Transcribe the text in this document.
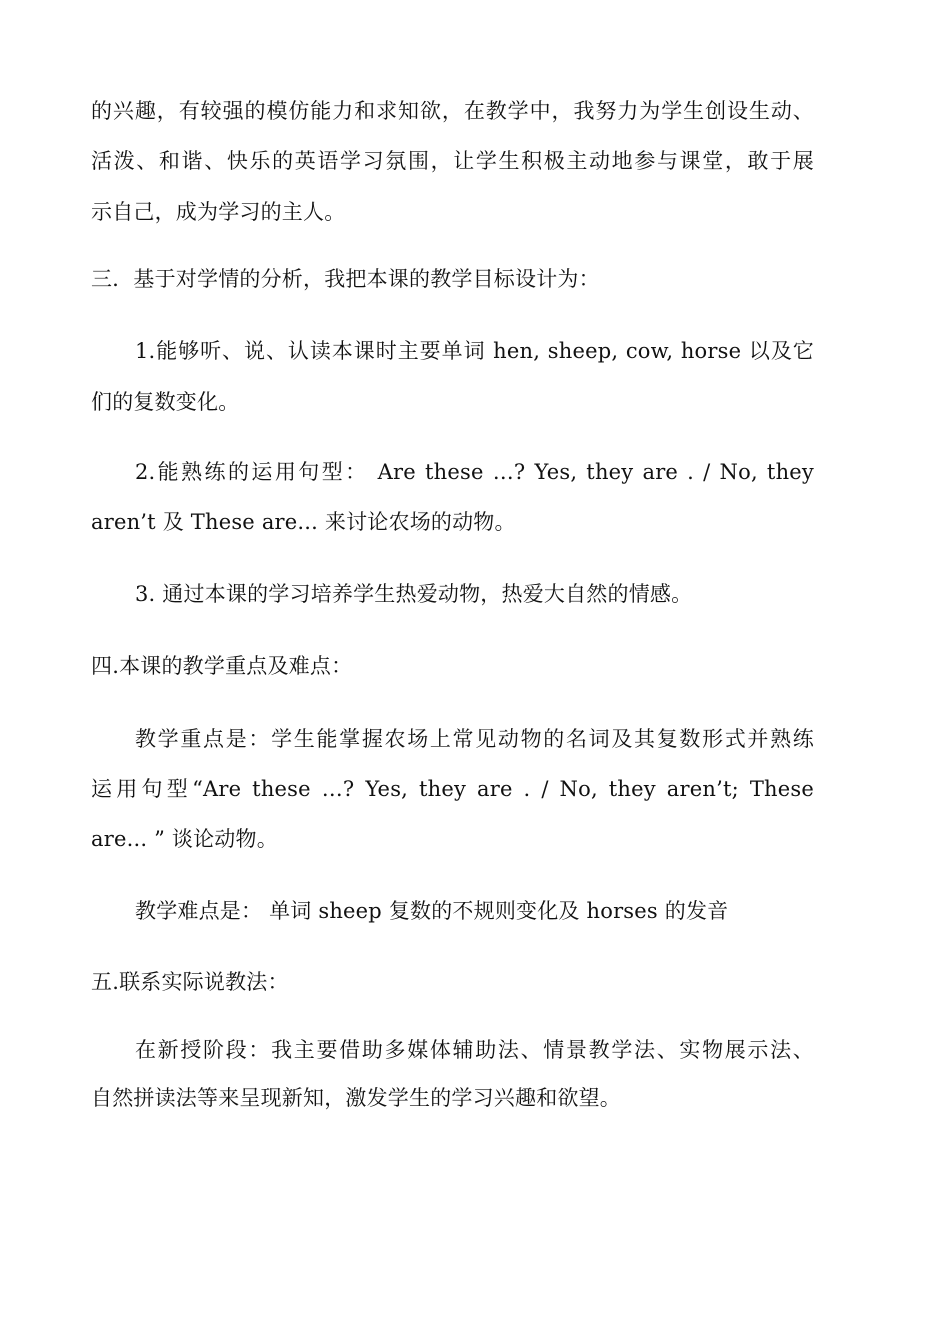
的兴趣，有较强的模仿能力和求知欲，在教学中，我努力为学生创设生动、
活泼、和谐、快乐的英语学习氛围，让学生积极主动地参与课堂，敢于展
示自己，成为学习的主人。
三．基于对学情的分析，我把本课的教学目标设计为：
1.能够听、说、认读本课时主要单词 hen, sheep, cow, horse 以及它
们的复数变化。
2.能熟练的运用句型： Are these …? Yes, they are . / No, they
aren’t 及 These are... 来讨论农场的动物。
3. 通过本课的学习培养学生热爱动物，热爱大自然的情感。
四.本课的教学重点及难点：
教学重点是：学生能掌握农场上常见动物的名词及其复数形式并熟练
运用句型“Are these …? Yes, they are . / No, they aren’t; These
are... ” 谈论动物。
教学难点是： 单词 sheep 复数的不规则变化及 horses 的发音
五.联系实际说教法：
在新授阶段：我主要借助多媒体辅助法、情景教学法、实物展示法、
自然拼读法等来呈现新知，激发学生的学习兴趣和欲望。
